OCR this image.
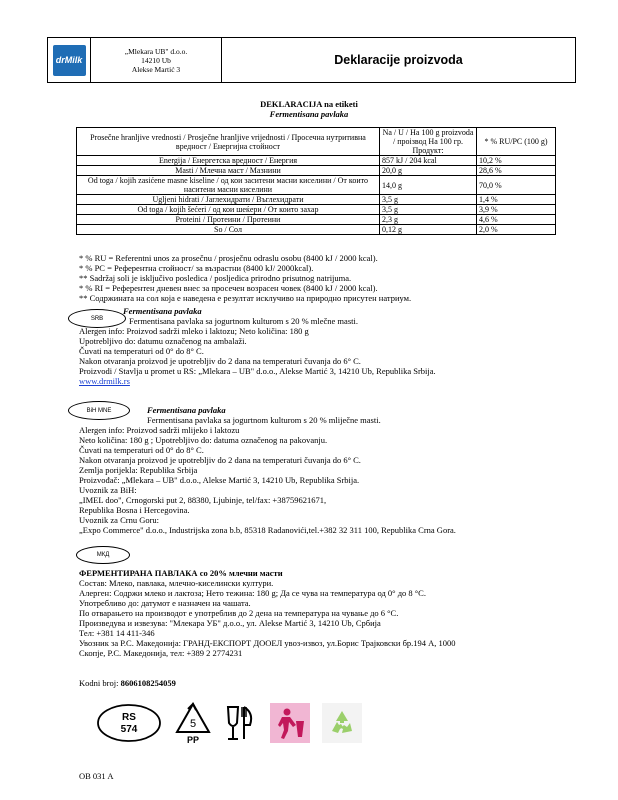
drMilk
„Mlekara UB" d.o.o.
14210 Ub
Alekse Martić 3
Deklaracije proizvoda
DEKLARACIJA na etiketi
Fermentisana pavlaka
Prosečne hranljive vrednosti / Prosječne hranljive vrijednosti / Просечна нутритивна вредност / Енергиjна стойност	Na / U / На 100 g proizvoda / проізвод На 100 гр. Продукт:	* % RU/PC (100 g)
Energija / Енергетска вредност / Енергия	857 kJ / 204 kcal	10,2 %
Masti / Млечна маст / Мазнини	20,0 g	28,6 %
Od toga / kojih zasićene masne kiseline / од кои заситени масни киселини / От които наситени масни киселини	14,0 g	70,0 %
Ugljeni hidrati / Јаглехидрати / Въглехидрати	3,5 g	1,4 %
Od toga / kojih šećeri / од кои шеќери / От които захар	3,5 g	3,9 %
Proteini / Протеини / Протеини	2,3 g	4,6 %
So / Сол	0,12 g	2,0 %
* % RU = Referentni unos za prosečnu / prosječnu odraslu osobu (8400 kJ / 2000 kcal).
* % PC = Референтна стойност/ за възрастни (8400 kJ/ 2000kcal).
** Sadržaj soli je isključivo posledica / posljedica prirodno prisutnog natrijuma.
* % RI = Референтен дневен внес за просечен возрасен човек (8400 kJ / 2000 kcal).
** Содржината на сол која е наведена е резултат исклучиво на природно присутен натриум.
SRB
Fermentisana pavlaka
Fermentisana pavlaka sa jogurtnom kulturom s 20 % mlečne masti.
Alergen info: Proizvod sadrži mleko i laktozu; Neto količina: 180 g
Upotrebljivo do: datumu označenog na ambalaži.
Čuvati na temperaturi od 0° do 8° C.
Nakon otvaranja proizvod je upotrebljiv do 2 dana na temperaturi čuvanja do 6° C.
Proizvodi / Stavlja u promet u RS: „Mlekara – UB" d.o.o., Alekse Martić 3, 14210 Ub, Republika Srbija.
www.drmilk.rs
BiH MNE	Fermentisana pavlaka
Fermentisana pavlaka sa jogurtnom kulturom s 20 % mliječne masti.
Alergen info: Proizvod sadrži mlijeko i laktozu
Neto količina: 180 g ; Upotrebljivo do: datuma označenog na pakovanju.
Čuvati na temperaturi od 0° do 8° C.
Nakon otvaranja proizvod je upotrebljiv do 2 dana na temperaturi čuvanja do 6° C.
Zemlja porijekla: Republika Srbija
Proizvođač: „Mlekara – UB" d.o.o., Alekse Martić 3, 14210 Ub, Republika Srbija.
Uvoznik za BiH:
„IMEL doo", Crnogorski put 2, 88380, Ljubinje, tel/fax: +38759621671,
Republika Bosna i Hercegovina.
Uvoznik za Crnu Goru:
„Expo Commerce" d.o.o., Industrijska zona b.b, 85318 Radanovići,tel.+382 32 311 100, Republika Crna Gora.
МКД
ФЕРМЕНТИРАНА ПАВЛАКА со 20% млечни масти
Состав: Млеко, павлака, млечно-киселински култури.
Алерген: Содржи млеко и лактоза; Нето тежина: 180 g; Да се чува на температура од 0° до 8 °C.
Употребливо до: датумот е назначен на чашата.
По отварањето на производот е употреблив до 2 дена на температура на чување до 6 °C.
Произведува и извезува: "Млекара УБ" д.о.о., ул. Alekse Martić 3, 14210 Ub, Србија
Тел: +381 14 411-346
Увозник за Р.С. Македонија: ГРАНД-ЕКСПОРТ ДООЕЛ увоз-извоз, ул.Борис Трајковски бр.194 А, 1000
Скопје, Р.С. Македонија, тел: +389 2 2774231
Kodni broj: 8606108254059
RS
574	5
PP
OB 031 A
